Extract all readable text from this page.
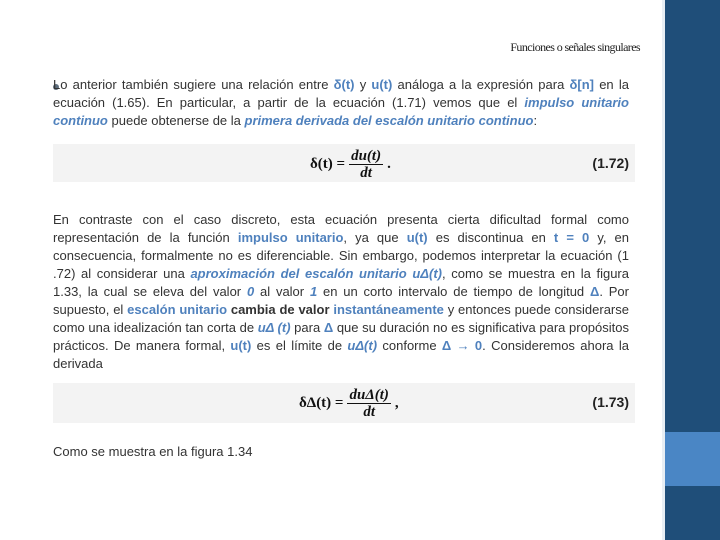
Funciones o señales singulares
Lo anterior también sugiere una relación entre δ(t) y u(t) análoga a la expresión para δ[n] en la ecuación (1.65). En particular, a partir de la ecuación (1.71) vemos que el impulso unitario continuo puede obtenerse de la primera derivada del escalón unitario continuo:
$\delta(t) = \frac{du(t)}{dt}$ .	(1.72)
En contraste con el caso discreto, esta ecuación presenta cierta dificultad formal como representación de la función impulso unitario, ya que u(t) es discontinua en t = 0 y, en consecuencia, formalmente no es diferenciable. Sin embargo, podemos interpretar la ecuación (1 .72) al considerar una aproximación del escalón unitario uΔ(t), como se muestra en la figura 1.33, la cual se eleva del valor 0 al valor 1 en un corto intervalo de tiempo de longitud Δ. Por supuesto, el escalón unitario cambia de valor instantáneamente y entonces puede considerarse como una idealización tan corta de uΔ (t) para Δ que su duración no es significativa para propósitos prácticos. De manera formal, u(t) es el límite de uΔ(t) conforme Δ → 0. Consideremos ahora la derivada
$\delta\Delta(t) = \frac{\text{duΔ(t)}}{dt}$ ,	(1.73)
Como se muestra en la figura 1.34
